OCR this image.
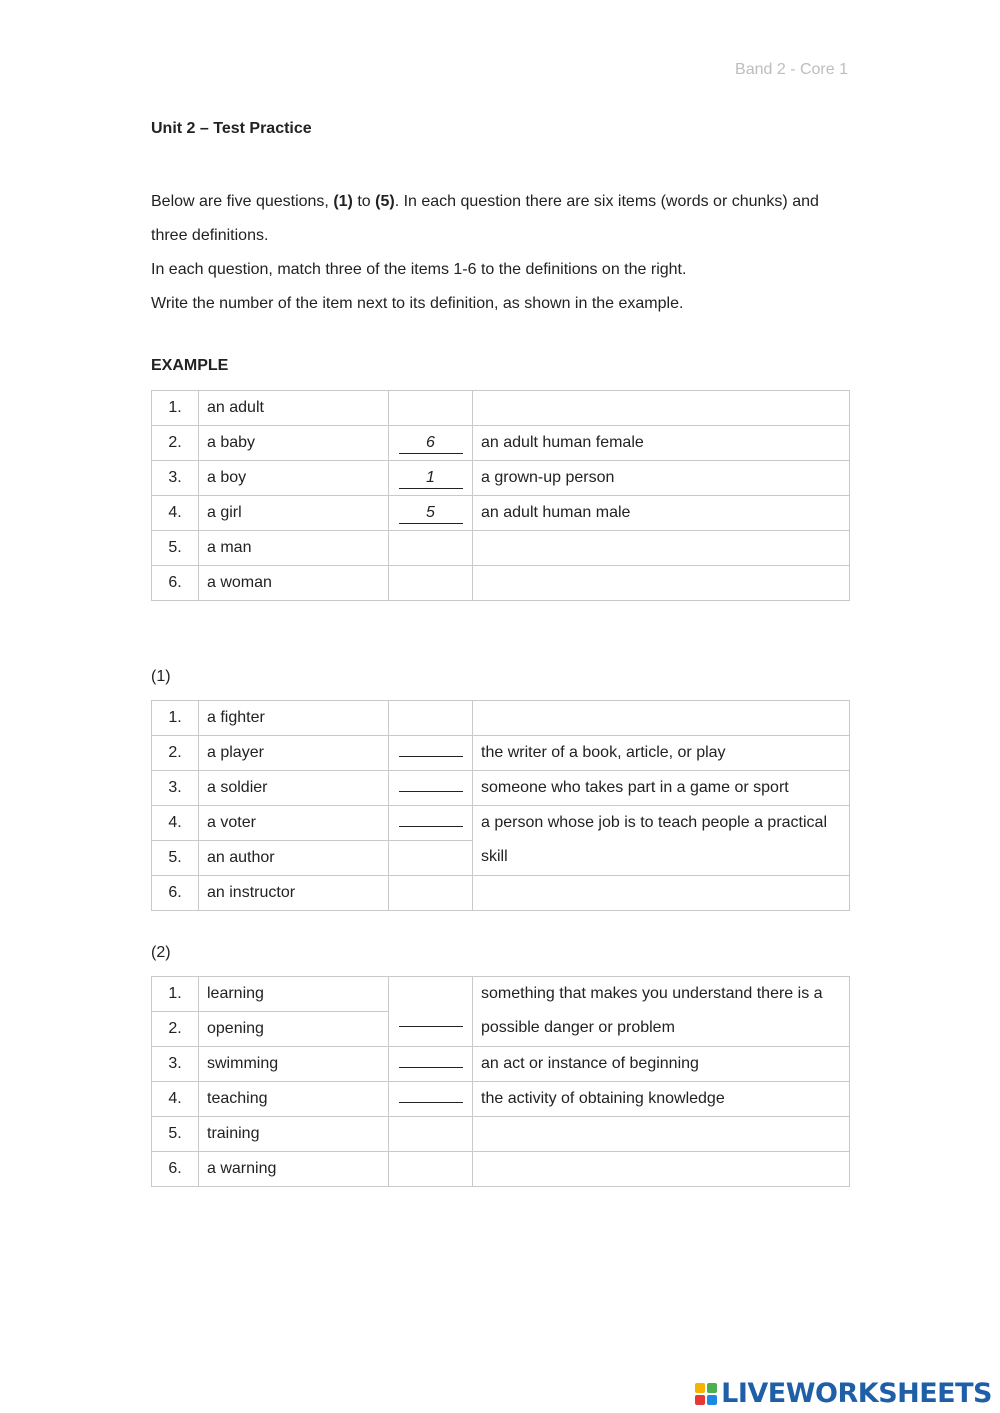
Band 2 - Core 1
Unit 2 – Test Practice

Below are five questions, (1) to (5). In each question there are six items (words or chunks) and three definitions.

In each question, match three of the items 1-6 to the definitions on the right.

Write the number of the item next to its definition, as shown in the example.

EXAMPLE
1.	an adult		
2.	a baby	6	an adult human female
3.	a boy	1	a grown-up person
4.	a girl	5	an adult human male
5.	a man		
6.	a woman		
(1)
1.	a fighter		
2.	a player		the writer of a book, article, or play
3.	a soldier		someone who takes part in a game or sport
4.	a voter		a person whose job is to teach people a practical skill
5.	an author		
6.	an instructor		
(2)
1.	learning		something that makes you understand there is a possible danger or problem
2.	opening		
3.	swimming		an act or instance of beginning
4.	teaching		the activity of obtaining knowledge
5.	training		
6.	a warning		
LIVEWORKSHEETS
